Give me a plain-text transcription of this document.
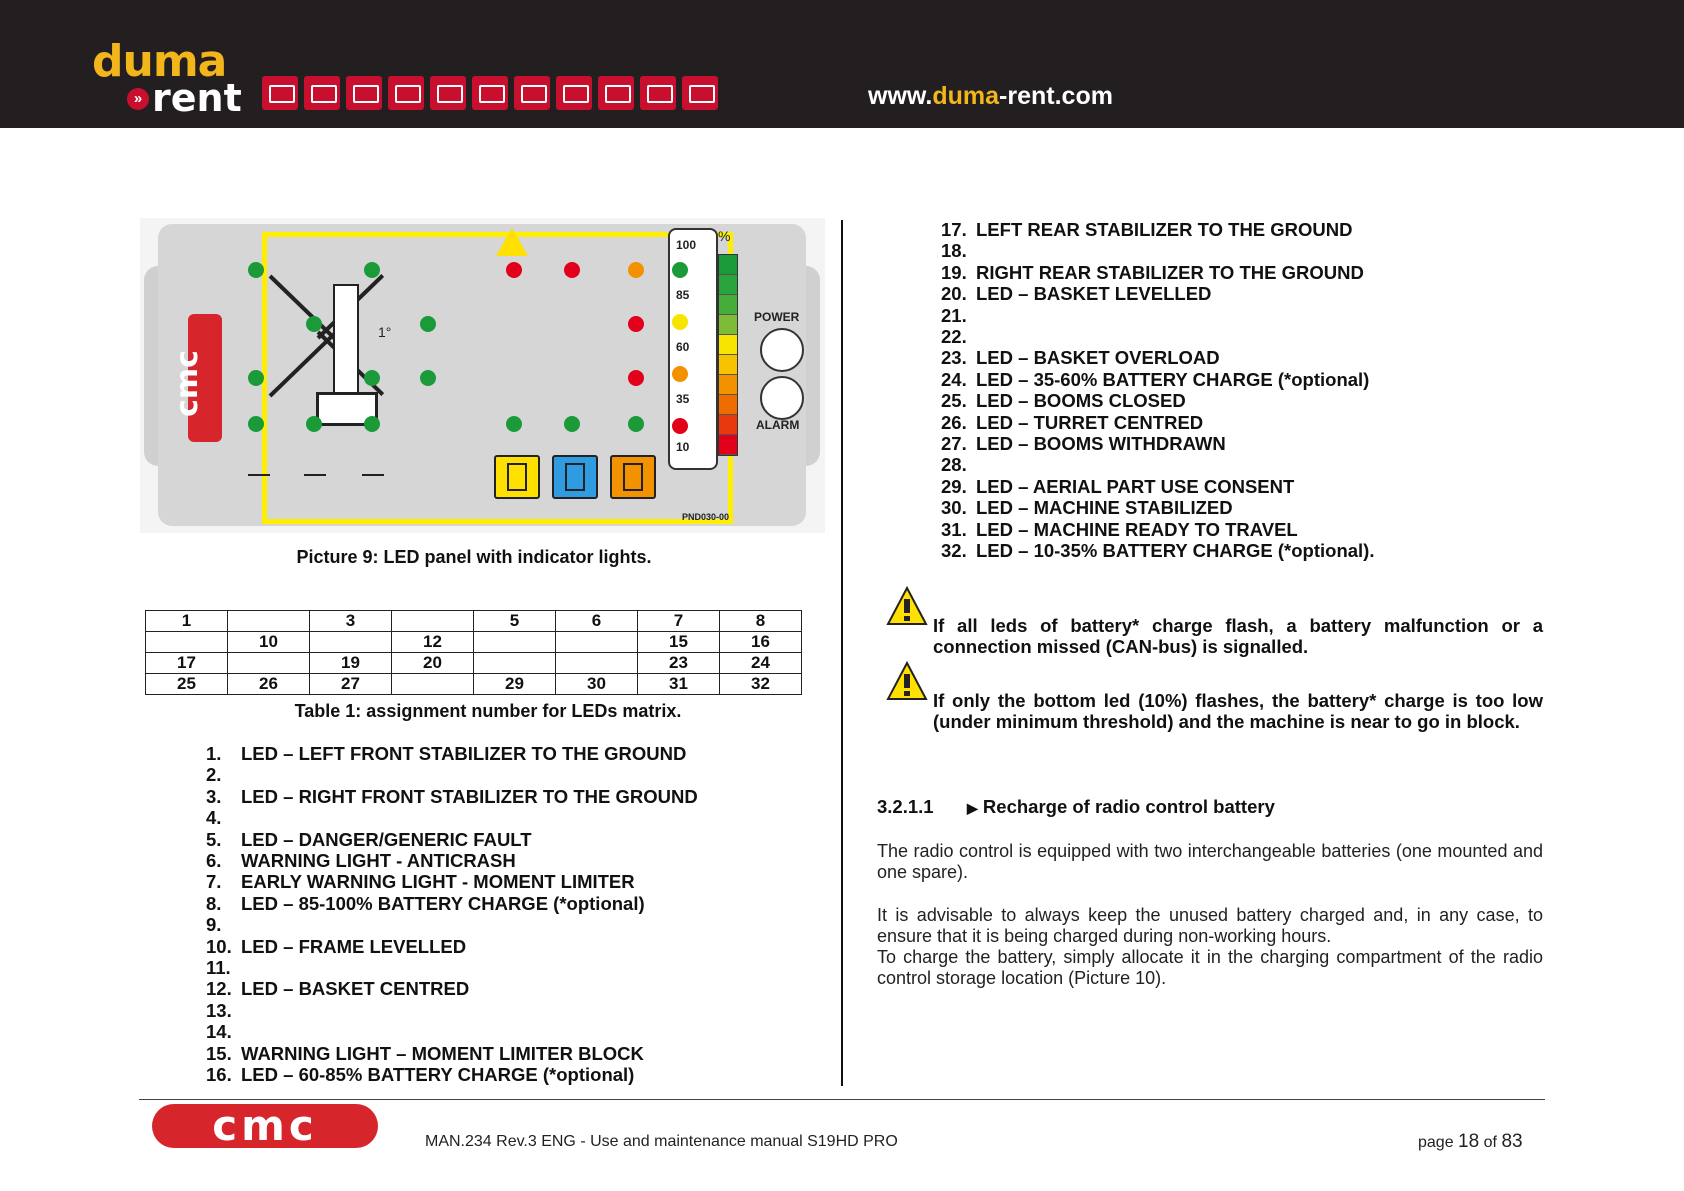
duma
» rent	www.duma-rent.com
cmc
1°
100
85
60
35
10
%
POWER
ALARM
PND030-00
Picture 9: LED panel with indicator lights.
1		3		5	6	7	8
	10		12			15	16
17		19	20			23	24
25	26	27		29	30	31	32
Table 1: assignment number for LEDs matrix.
1. LED – LEFT FRONT STABILIZER TO THE GROUND
2.
3. LED – RIGHT FRONT STABILIZER TO THE GROUND
4.
5. LED – DANGER/GENERIC FAULT
6. WARNING LIGHT - ANTICRASH
7. EARLY WARNING LIGHT - MOMENT LIMITER
8. LED – 85-100% BATTERY CHARGE (*optional)
9.
10. LED – FRAME LEVELLED
11.
12. LED – BASKET CENTRED
13.
14.
15. WARNING LIGHT – MOMENT LIMITER BLOCK
16. LED – 60-85% BATTERY CHARGE (*optional)
17. LEFT REAR STABILIZER TO THE GROUND
18.
19. RIGHT REAR STABILIZER TO THE GROUND
20. LED – BASKET LEVELLED
21.
22.
23. LED – BASKET OVERLOAD
24. LED – 35-60% BATTERY CHARGE (*optional)
25. LED – BOOMS CLOSED
26. LED – TURRET CENTRED
27. LED – BOOMS WITHDRAWN
28.
29. LED – AERIAL PART USE CONSENT
30. LED – MACHINE STABILIZED
31. LED – MACHINE READY TO TRAVEL
32. LED – 10-35% BATTERY CHARGE (*optional).
If all leds of battery* charge flash, a battery malfunction or a connection missed (CAN-bus) is signalled.
If only the bottom led (10%) flashes, the battery* charge is too low (under minimum threshold) and the machine is near to go in block.
3.2.1.1 ▶ Recharge of radio control battery
The radio control is equipped with two interchangeable batteries (one mounted and one spare).
It is advisable to always keep the unused battery charged and, in any case, to ensure that it is being charged during non-working hours.
To charge the battery, simply allocate it in the charging compartment of the radio control storage location (Picture 10).
cmc	MAN.234 Rev.3 ENG - Use and maintenance manual S19HD PRO	page 18 of 83
